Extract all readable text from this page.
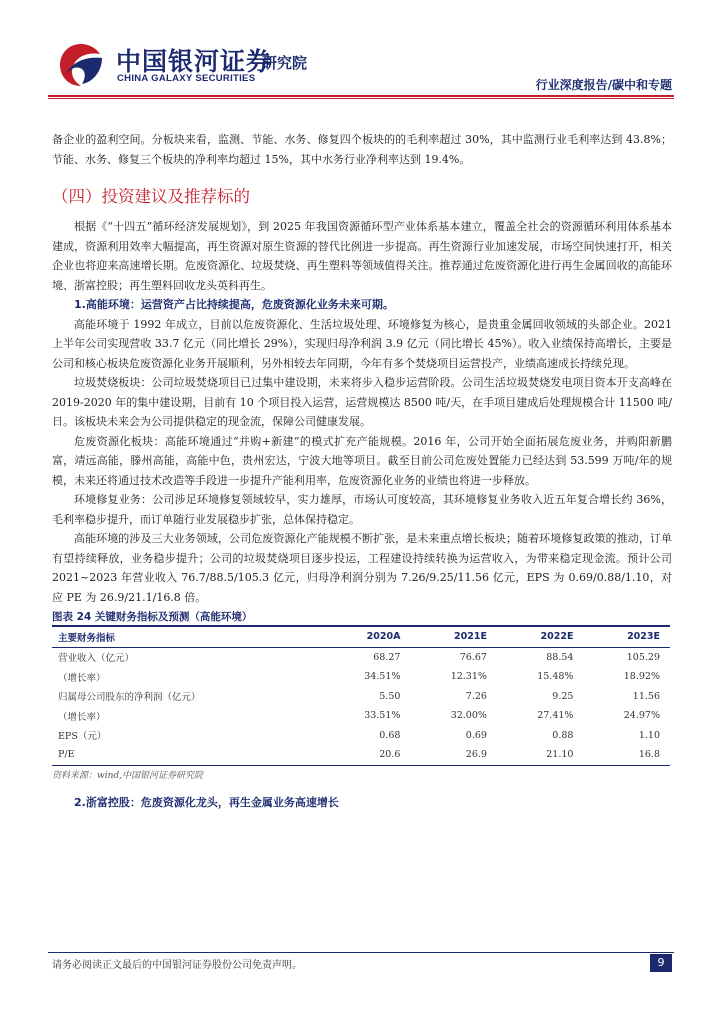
中国银河证券
CHINA GALAXY SECURITIES
研究院
行业深度报告/碳中和专题

备企业的盈利空间。分板块来看，监测、节能、水务、修复四个板块的的毛利率超过 30%，其中监测行业毛利率达到 43.8%；节能、水务、修复三个板块的净利率均超过 15%，其中水务行业净利率达到 19.4%。

（四）投资建议及推荐标的

根据《“十四五”循环经济发展规划》，到 2025 年我国资源循环型产业体系基本建立，覆盖全社会的资源循环利用体系基本建成，资源利用效率大幅提高，再生资源对原生资源的替代比例进一步提高。再生资源行业加速发展，市场空间快速打开，相关企业也将迎来高速增长期。危废资源化、垃圾焚烧、再生塑料等领域值得关注。推荐通过危废资源化进行再生金属回收的高能环境、浙富控股；再生塑料回收龙头英科再生。

1.高能环境：运营资产占比持续提高，危废资源化业务未来可期。

高能环境于 1992 年成立，目前以危废资源化、生活垃圾处理、环境修复为核心，是贵重金属回收领域的头部企业。2021 上半年公司实现营收 33.7 亿元（同比增长 29%），实现归母净利润 3.9 亿元（同比增长 45%）。收入业绩保持高增长，主要是公司和核心板块危废资源化业务开展顺利，另外相较去年同期，今年有多个焚烧项目运营投产，业绩高速成长持续兑现。

垃圾焚烧板块：公司垃圾焚烧项目已过集中建设期，未来将步入稳步运营阶段。公司生活垃圾焚烧发电项目资本开支高峰在 2019-2020 年的集中建设期，目前有 10 个项目投入运营，运营规模达 8500 吨/天，在手项目建成后处理规模合计 11500 吨/日。该板块未来会为公司提供稳定的现金流，保障公司健康发展。

危废资源化板块：高能环境通过“并购+新建”的模式扩充产能规模。2016 年，公司开始全面拓展危废业务，并购阳新鹏富，靖远高能，滕州高能，高能中色，贵州宏达，宁波大地等项目。截至目前公司危废处置能力已经达到 53.599 万吨/年的规模，未来还将通过技术改造等手段进一步提升产能利用率，危废资源化业务的业绩也将进一步释放。

环境修复业务：公司涉足环境修复领域较早，实力雄厚，市场认可度较高，其环境修复业务收入近五年复合增长约 36%，毛利率稳步提升，而订单随行业发展稳步扩张，总体保持稳定。

高能环境的涉及三大业务领域，公司危废资源化产能规模不断扩张，是未来重点增长板块；随着环境修复政策的推动，订单有望持续释放，业务稳步提升；公司的垃圾焚烧项目逐步投运，工程建设持续转换为运营收入，为带来稳定现金流。预计公司 2021~2023 年营业收入 76.7/88.5/105.3 亿元，归母净利润分别为 7.26/9.25/11.56 亿元，EPS 为 0.69/0.88/1.10，对应 PE 为 26.9/21.1/16.8 倍。

图表 24 关键财务指标及预测（高能环境）
主要财务指标	2020A	2021E	2022E	2023E
营业收入（亿元）	68.27	76.67	88.54	105.29
（增长率）	34.51%	12.31%	15.48%	18.92%
归属母公司股东的净利润（亿元）	5.50	7.26	9.25	11.56
（增长率）	33.51%	32.00%	27.41%	24.97%
EPS（元）	0.68	0.69	0.88	1.10
P/E	20.6	26.9	21.10	16.8
资料来源：wind,中国银河证券研究院
2.浙富控股：危废资源化龙头，再生金属业务高速增长
请务必阅读正文最后的中国银河证券股份公司免责声明。	9
